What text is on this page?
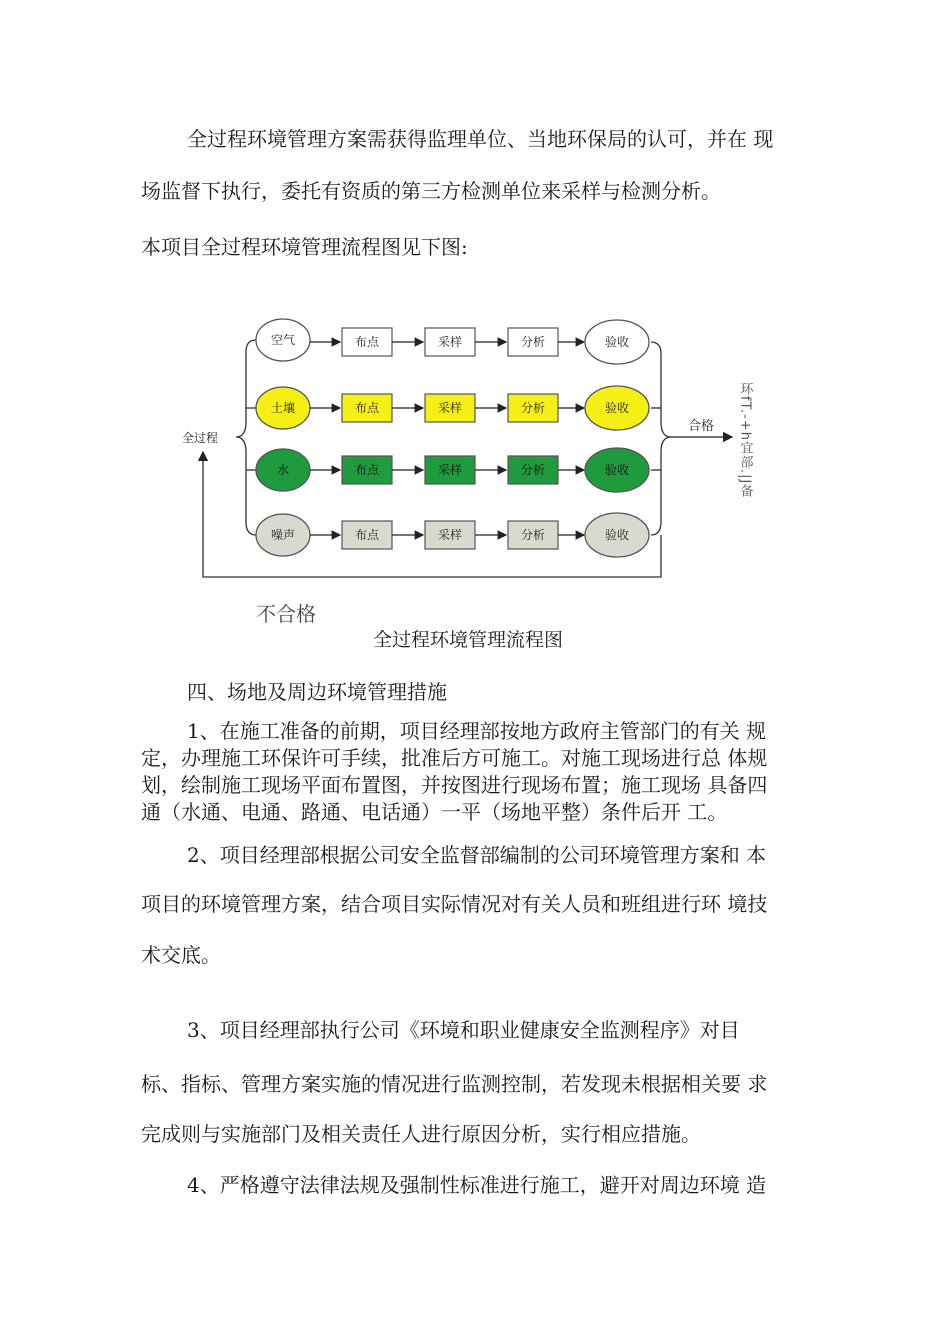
全过程环境管理方案需获得监理单位、当地环保局的认可，并在 现
场监督下执行，委托有资质的第三方检测单位来采样与检测分析。
本项目全过程环境管理流程图见下图:
合格
全过程	环fT.-+h宜部.|J备
空气	布点	采样	分析	验收
土壤	布点	采样	分析	验收
水	布点	采样	分析	验收
噪声	布点	采样	分析	验收
不合格
全过程环境管理流程图
四、场地及周边环境管理措施
1、在施工准备的前期，项目经理部按地方政府主管部门的有关 规
定，办理施工环保许可手续，批准后方可施工。对施工现场进行总 体规
划，绘制施工现场平面布置图，并按图进行现场布置；施工现场 具备四
通（水通、电通、路通、电话通）一平（场地平整）条件后开 工。
2、项目经理部根据公司安全监督部编制的公司环境管理方案和 本
项目的环境管理方案，结合项目实际情况对有关人员和班组进行环 境技
术交底。
3、项目经理部执行公司《环境和职业健康安全监测程序》对目
标、指标、管理方案实施的情况进行监测控制，若发现未根据相关要 求
完成则与实施部门及相关责任人进行原因分析，实行相应措施。
4、严格遵守法律法规及强制性标准进行施工，避开对周边环境 造
